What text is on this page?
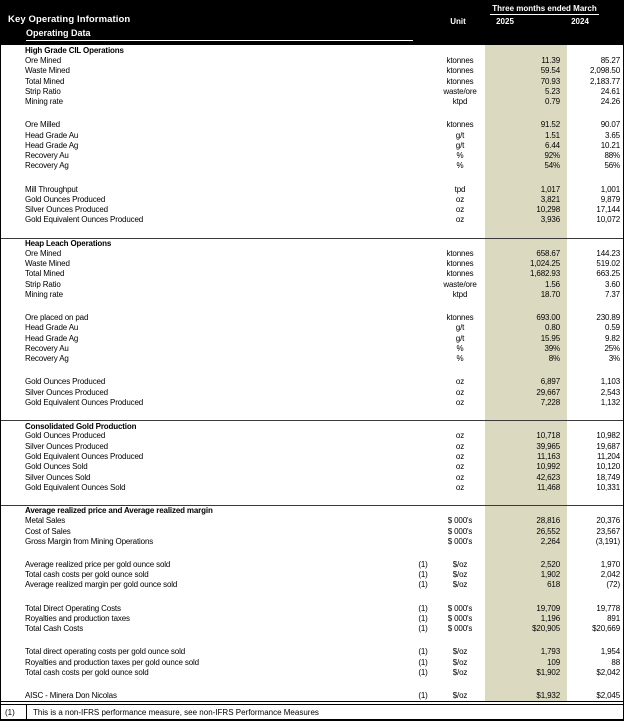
Three months ended March
Key Operating Information	Unit	2025	2024
Operating Data
High Grade CIL Operations
Ore Mined	ktonnes	11.39	85.27
Waste Mined	ktonnes	59.54	2,098.50
Total Mined	ktonnes	70.93	2,183.77
Strip Ratio	waste/ore	5.23	24.61
Mining rate	ktpd	0.79	24.26
Ore Milled	ktonnes	91.52	90.07
Head Grade Au	g/t	1.51	3.65
Head Grade Ag	g/t	6.44	10.21
Recovery Au	%	92%	88%
Recovery Ag	%	54%	56%
Mill Throughput	tpd	1,017	1,001
Gold Ounces Produced	oz	3,821	9,879
Silver Ounces Produced	oz	10,298	17,144
Gold Equivalent Ounces Produced	oz	3,936	10,072
Heap Leach Operations
Ore Mined	ktonnes	658.67	144.23
Waste Mined	ktonnes	1,024.25	519.02
Total Mined	ktonnes	1,682.93	663.25
Strip Ratio	waste/ore	1.56	3.60
Mining rate	ktpd	18.70	7.37
Ore placed on pad	ktonnes	693.00	230.89
Head Grade Au	g/t	0.80	0.59
Head Grade Ag	g/t	15.95	9.82
Recovery Au	%	39%	25%
Recovery Ag	%	8%	3%
Gold Ounces Produced	oz	6,897	1,103
Silver Ounces Produced	oz	29,667	2,543
Gold Equivalent Ounces Produced	oz	7,228	1,132
Consolidated Gold Production
Gold Ounces Produced	oz	10,718	10,982
Silver Ounces Produced	oz	39,965	19,687
Gold Equivalent Ounces Produced	oz	11,163	11,204
Gold Ounces Sold	oz	10,992	10,120
Silver Ounces Sold	oz	42,623	18,749
Gold Equivalent Ounces Sold	oz	11,468	10,331
Average realized price and Average realized margin
Metal Sales	$ 000's	28,816	20,376
Cost of Sales	$ 000's	26,552	23,567
Gross Margin from Mining Operations	$ 000's	2,264	(3,191)
Average realized price per gold ounce sold	(1)	$/oz	2,520	1,970
Total cash costs per gold ounce sold	(1)	$/oz	1,902	2,042
Average realized margin per gold ounce sold	(1)	$/oz	618	(72)
Total Direct Operating Costs	(1)	$ 000's	19,709	19,778
Royalties and production taxes	(1)	$ 000's	1,196	891
Total Cash Costs	(1)	$ 000's	$20,905	$20,669
Total direct operating costs per gold ounce sold	(1)	$/oz	1,793	1,954
Royalties and production taxes per gold ounce sold	(1)	$/oz	109	88
Total cash costs per gold ounce sold	(1)	$/oz	$1,902	$2,042
AISC - Minera Don Nicolas	(1)	$/oz	$1,932	$2,045
(1)	This is a non-IFRS performance measure, see non-IFRS Performance Measures
